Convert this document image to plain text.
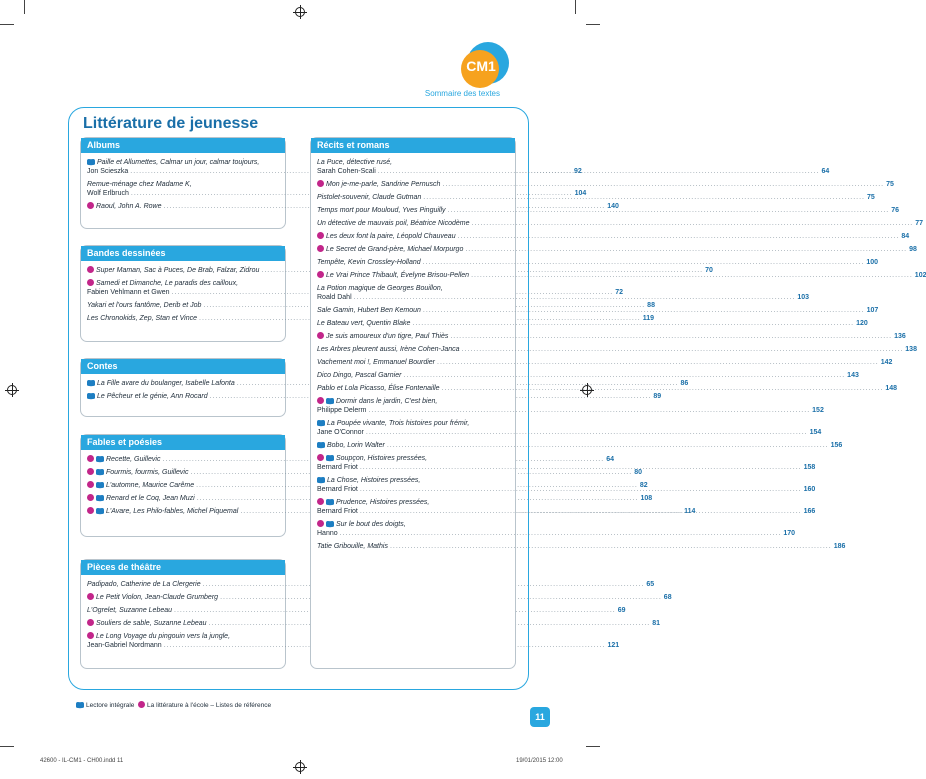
CM1
Sommaire des textes
Littérature de jeunesse
Albums
Paille et Allumettes, Calmar un jour, calmar toujours,
Jon Scieszka .....	92
Remue-ménage chez Madame K,
Wolf Erlbruch .....	104
Raoul, John A. Rowe .....	140
Bandes dessinées
Super Maman, Sac à Puces, De Brab, Falzar, Zidrou .....	70
Samedi et Dimanche, Le paradis des cailloux,
Fabien Vehlmann et Gwen .....	72
Yakari et l'ours fantôme, Derib et Job .....	88
Les Chronokids, Zep, Stan et Vince .....	119
Contes
La Fille avare du boulanger, Isabelle Lafonta .....	86
Le Pêcheur et le génie, Ann Rocard .....	89
Fables et poésies
Recette, Guillevic .....	64
Fourmis, fourmis, Guillevic .....	80
L'automne, Maurice Carême .....	82
Renard et le Coq, Jean Muzi .....	108
L'Avare, Les Philo-fables, Michel Piquemal .....	114
Pièces de théâtre
Padipado, Catherine de La Clergerie .....	65
Le Petit Violon, Jean-Claude Grumberg .....	68
L'Ogrelet, Suzanne Lebeau .....	69
Souliers de sable, Suzanne Lebeau .....	81
Le Long Voyage du pingouin vers la jungle,
Jean-Gabriel Nordmann .....	121
Récits et romans
La Puce, détective rusé,
Sarah Cohen-Scali .....	64
Mon je-me-parle, Sandrine Pernusch .....	75
Pistolet-souvenir, Claude Gutman .....	75
Temps mort pour Mouloud, Yves Pinguilly .....	76
Un détective de mauvais poil, Béatrice Nicodème .....	77
Les deux font la paire, Léopold Chauveau .....	84
Le Secret de Grand-père, Michael Morpurgo .....	98
Tempête, Kevin Crossley-Holland .....	100
Le Vrai Prince Thibault, Évelyne Brisou-Pellen .....	102
La Potion magique de Georges Bouillon,
Roald Dahl .....	103
Sale Gamin, Hubert Ben Kemoun .....	107
Le Bateau vert, Quentin Blake .....	120
Je suis amoureux d'un tigre, Paul Thiès .....	136
Les Arbres pleurent aussi, Irène Cohen-Janca .....	138
Vachement moi !, Emmanuel Bourdier .....	142
Dico Dingo, Pascal Garnier .....	143
Pablo et Lola Picasso, Élise Fontenaille .....	148
Dormir dans le jardin, C'est bien,
Philippe Delerm .....	152
La Poupée vivante, Trois histoires pour frémir,
Jane O'Connor .....	154
Bobo, Lorin Walter .....	156
Soupçon, Histoires pressées,
Bernard Friot .....	158
La Chose, Histoires pressées,
Bernard Friot .....	160
Prudence, Histoires pressées,
Bernard Friot .....	166
Sur le bout des doigts,
Hanno .....	170
Tatie Gribouille, Mathis .....	186
Lectore intégrale La littérature à l'école – Listes de référence
11
42600 - IL-CM1 - CH00.indd 11	19/01/2015 12:00
